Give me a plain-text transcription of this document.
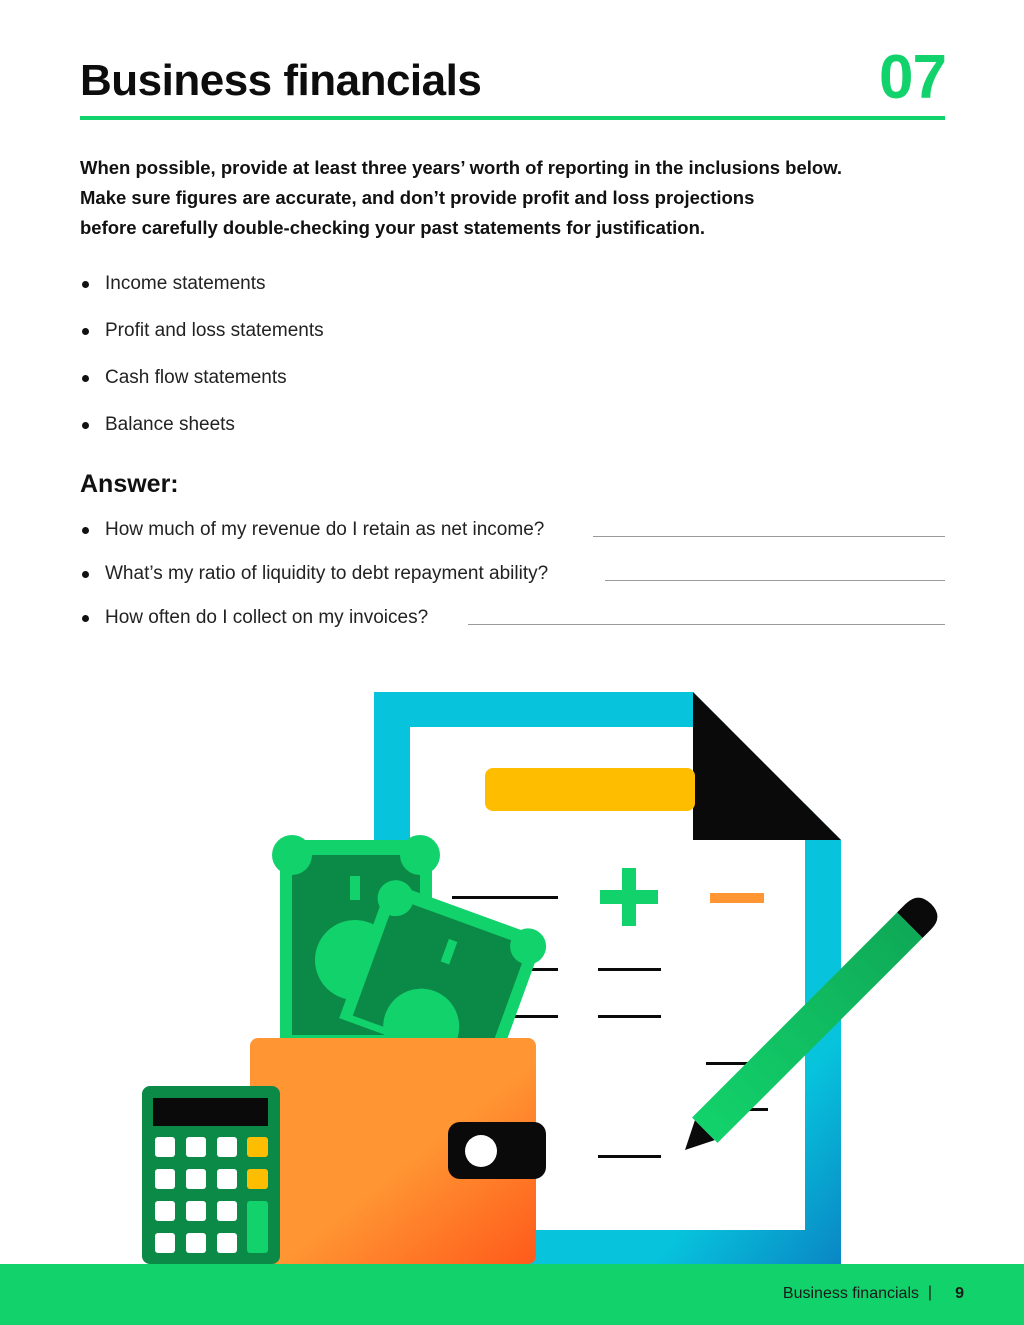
Business financials	07
When possible, provide at least three years’ worth of reporting in the inclusions below.
Make sure figures are accurate, and don’t provide profit and loss projections
before carefully double-checking your past statements for justification.
Income statements
Profit and loss statements
Cash flow statements
Balance sheets
Answer:
How much of my revenue do I retain as net income?
What’s my ratio of liquidity to debt repayment ability?
How often do I collect on my invoices?
Business financials | 9
